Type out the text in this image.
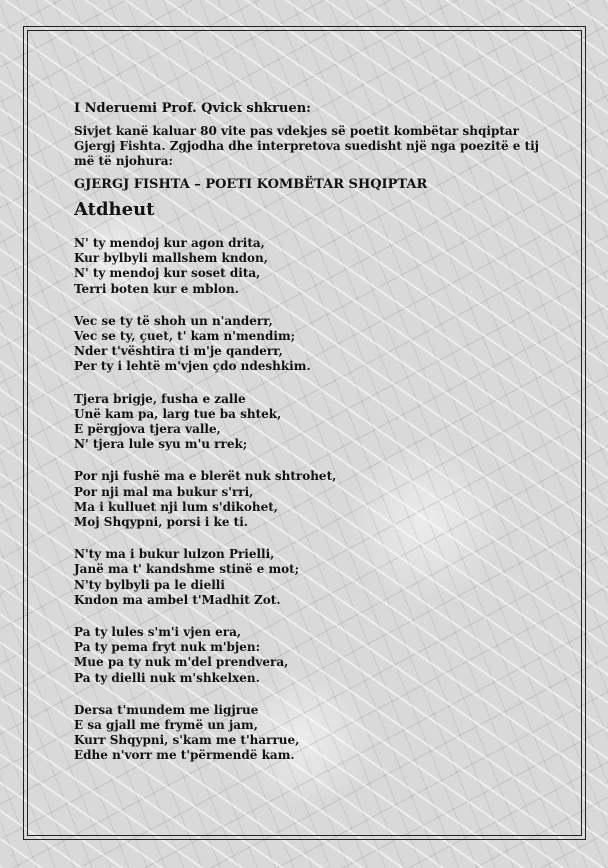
I Nderuemi Prof. Qvick shkruen:
Sivjet kanë kaluar 80 vite pas vdekjes së poetit kombëtar shqiptar Gjergj Fishta. Zgjodha dhe interpretova suedisht një nga poezitë e tij më të njohura:
GJERGJ FISHTA – POETI KOMBËTAR SHQIPTAR
Atdheut
N' ty mendoj kur agon drita,
Kur bylbyli mallshem kndon,
N' ty mendoj kur soset dita,
Terri boten kur e mblon.
Vec se ty të shoh un n'anderr,
Vec se ty, çuet, t' kam n'mendim;
Nder t'vështira ti m'je qanderr,
Per ty i lehtë m'vjen çdo ndeshkim.
Tjera brigje, fusha e zalle
Unë kam pa, larg tue ba shtek,
E përgjova tjera valle,
N' tjera lule syu m'u rrek;
Por nji fushë ma e blerët nuk shtrohet,
Por nji mal ma bukur s'rri,
Ma i kulluet nji lum s'dikohet,
Moj Shqypni, porsi i ke ti.
N'ty ma i bukur lulzon Prielli,
Janë ma t' kandshme stinë e mot;
N'ty bylbyli pa le dielli
Kndon ma ambel t'Madhit Zot.
Pa ty lules s'm'i vjen era,
Pa ty pema fryt nuk m'bjen:
Mue pa ty nuk m'del prendvera,
Pa ty dielli nuk m'shkelxen.
Dersa t'mundem me ligjrue
E sa gjall me frymë un jam,
Kurr Shqypni, s'kam me t'harrue,
Edhe n'vorr me t'përmendë kam.
